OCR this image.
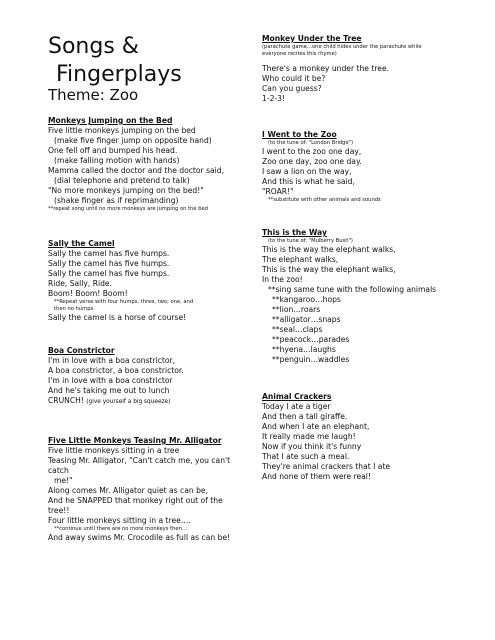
Songs &
Fingerplays
Theme: Zoo
Monkeys Jumping on the Bed
Five little monkeys jumping on the bed
(make five finger jump on opposite hand)
One fell off and bumped his head.
(make falling motion with hands)
Mamma called the doctor and the doctor said,
(dial telephone and pretend to talk)
"No more monkeys jumping on the bed!"
(shake finger as if reprimanding)
**repeat song until no more monkeys are jumping on the bed
Sally the Camel
Sally the camel has five humps.
Sally the camel has five humps.
Sally the camel has five humps.
Ride, Sally, Ride.
Boom! Boom! Boom!
**Repeat verse with four humps, three, two, one, and
then no humps.
Sally the camel is a horse of course!
Boa Constrictor
I'm in love with a boa constrictor,
A boa constrictor, a boa constrictor.
I'm in love with a boa constrictor
And he's taking me out to lunch
CRUNCH! (give yourself a big squeeze)
Five Little Monkeys Teasing Mr. Alligator
Five little monkeys sitting in a tree
Teasing Mr. Alligator, "Can't catch me, you can't
catch
me!"
Along comes Mr. Alligator quiet as can be,
And he SNAPPED that monkey right out of the
tree!!
Four little monkeys sitting in a tree….
**continue until there are no more monkeys then…
And away swims Mr. Crocodile as full as can be!
Monkey Under the Tree
(parachute game…one child hides under the parachute while
everyone recites this rhyme)
There's a monkey under the tree.
Who could it be?
Can you guess?
1-2-3!
I Went to the Zoo
(to the tune of: "London Bridge")
I went to the zoo one day,
Zoo one day, zoo one day.
I saw a lion on the way,
And this is what he said,
"ROAR!"
**substitute with other animals and sounds
This is the Way
(to the tune of: "Mulberry Bush")
This is the way the elephant walks,
The elephant walks,
This is the way the elephant walks,
In the zoo!
**sing same tune with the following animals
**kangaroo…hops
**lion…roars
**alligator…snaps
**seal…claps
**peacock…parades
**hyena…laughs
**penguin…waddles
Animal Crackers
Today I ate a tiger
And then a tall giraffe.
And when I ate an elephant,
It really made me laugh!
Now if you think it's funny
That I ate such a meal.
They're animal crackers that I ate
And none of them were real!
